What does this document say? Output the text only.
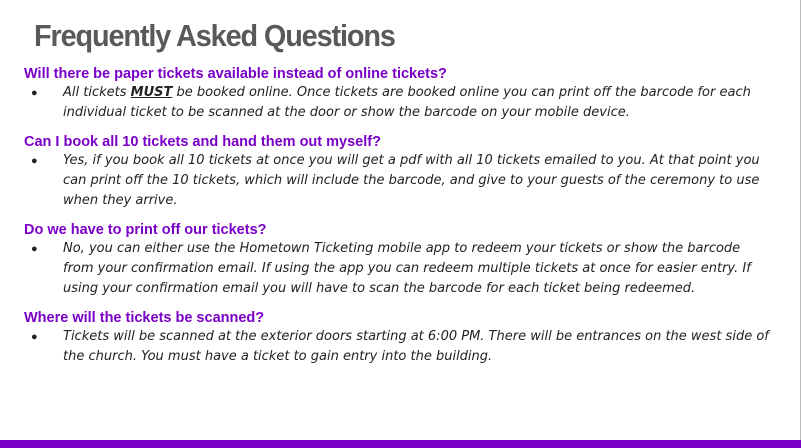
Frequently Asked Questions

Will there be paper tickets available instead of online tickets?

● All tickets MUST be booked online. Once tickets are booked online you can print off the barcode for each individual ticket to be scanned at the door or show the barcode on your mobile device.

Can I book all 10 tickets and hand them out myself?

● Yes, if you book all 10 tickets at once you will get a pdf with all 10 tickets emailed to you. At that point you can print off the 10 tickets, which will include the barcode, and give to your guests of the ceremony to use when they arrive.

Do we have to print off our tickets?

● No, you can either use the Hometown Ticketing mobile app to redeem your tickets or show the barcode from your confirmation email. If using the app you can redeem multiple tickets at once for easier entry. If using your confirmation email you will have to scan the barcode for each ticket being redeemed.

Where will the tickets be scanned?

● Tickets will be scanned at the exterior doors starting at 6:00 PM. There will be entrances on the west side of the church. You must have a ticket to gain entry into the building.
